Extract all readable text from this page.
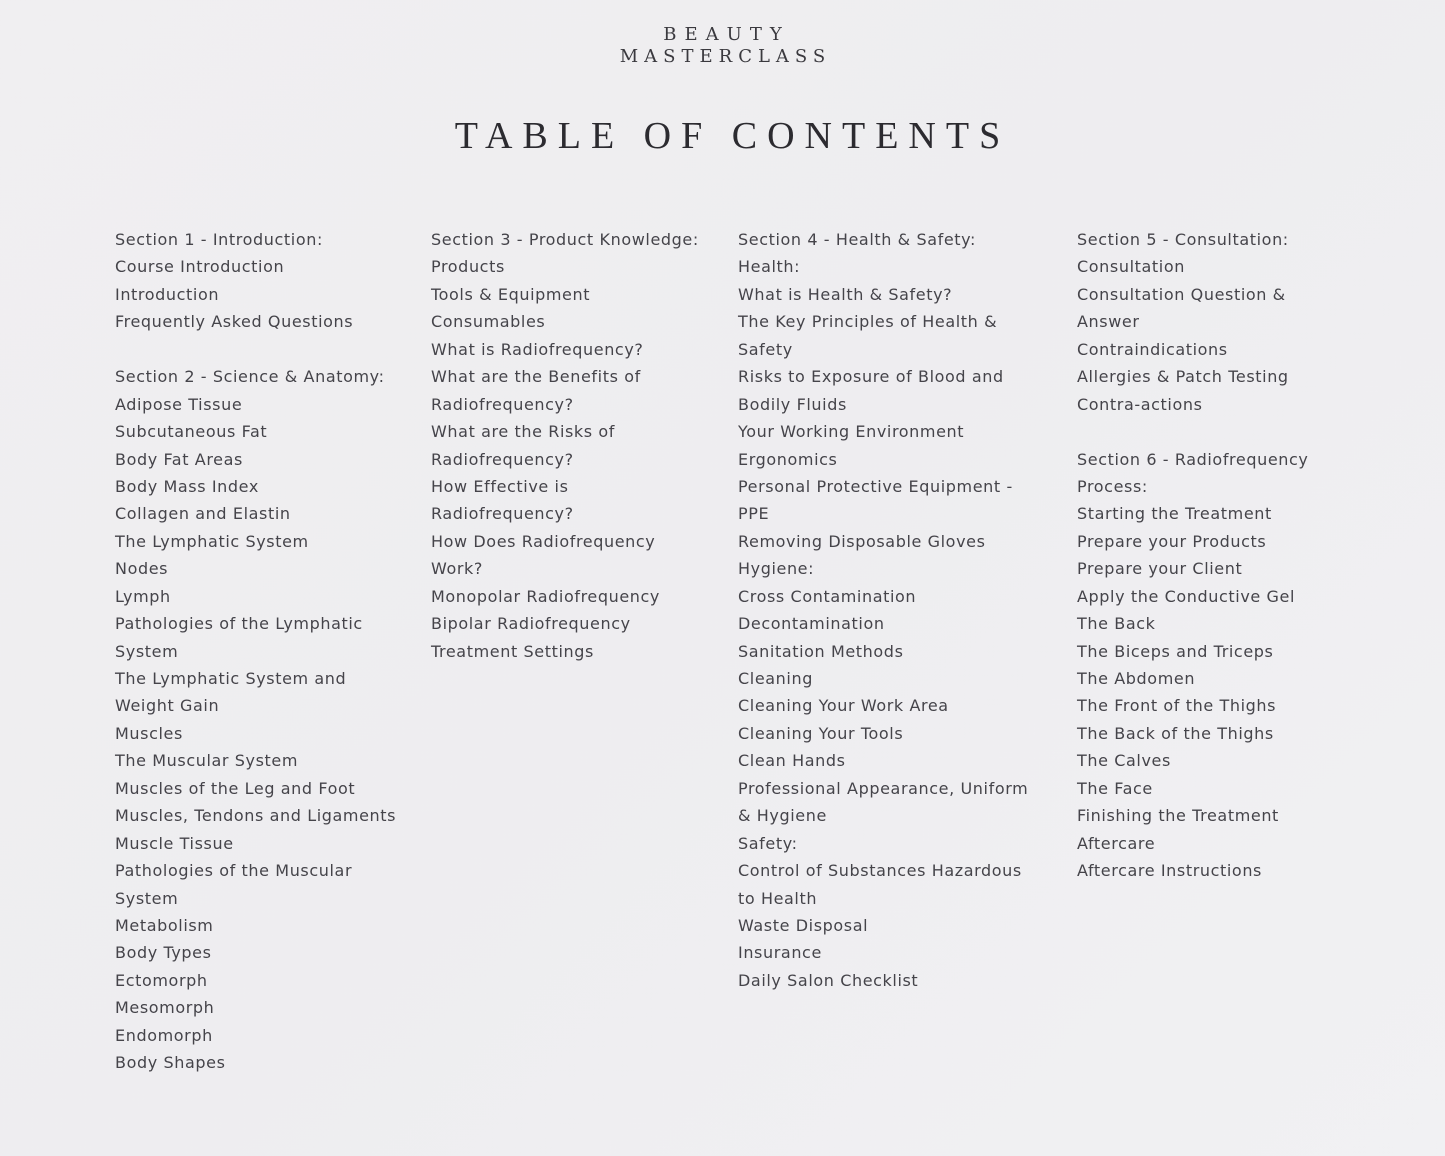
BEAUTY
MASTERCLASS
TABLE OF CONTENTS
Section 1 - Introduction:
Course Introduction
Introduction
Frequently Asked Questions
Section 2 - Science & Anatomy:
Adipose Tissue
Subcutaneous Fat
Body Fat Areas
Body Mass Index
Collagen and Elastin
The Lymphatic System
Nodes
Lymph
Pathologies of the Lymphatic
System
The Lymphatic System and
Weight Gain
Muscles
The Muscular System
Muscles of the Leg and Foot
Muscles, Tendons and Ligaments
Muscle Tissue
Pathologies of the Muscular
System
Metabolism
Body Types
Ectomorph
Mesomorph
Endomorph
Body Shapes
Section 3 - Product Knowledge:
Products
Tools & Equipment
Consumables
What is Radiofrequency?
What are the Benefits of
Radiofrequency?
What are the Risks of
Radiofrequency?
How Effective is
Radiofrequency?
How Does Radiofrequency
Work?
Monopolar Radiofrequency
Bipolar Radiofrequency
Treatment Settings
Section 4 - Health & Safety:
Health:
What is Health & Safety?
The Key Principles of Health &
Safety
Risks to Exposure of Blood and
Bodily Fluids
Your Working Environment
Ergonomics
Personal Protective Equipment -
PPE
Removing Disposable Gloves
Hygiene:
Cross Contamination
Decontamination
Sanitation Methods
Cleaning
Cleaning Your Work Area
Cleaning Your Tools
Clean Hands
Professional Appearance, Uniform
& Hygiene
Safety:
Control of Substances Hazardous
to Health
Waste Disposal
Insurance
Daily Salon Checklist
Section 5 - Consultation:
Consultation
Consultation Question &
Answer
Contraindications
Allergies & Patch Testing
Contra-actions
Section 6 - Radiofrequency
Process:
Starting the Treatment
Prepare your Products
Prepare your Client
Apply the Conductive Gel
The Back
The Biceps and Triceps
The Abdomen
The Front of the Thighs
The Back of the Thighs
The Calves
The Face
Finishing the Treatment
Aftercare
Aftercare Instructions
